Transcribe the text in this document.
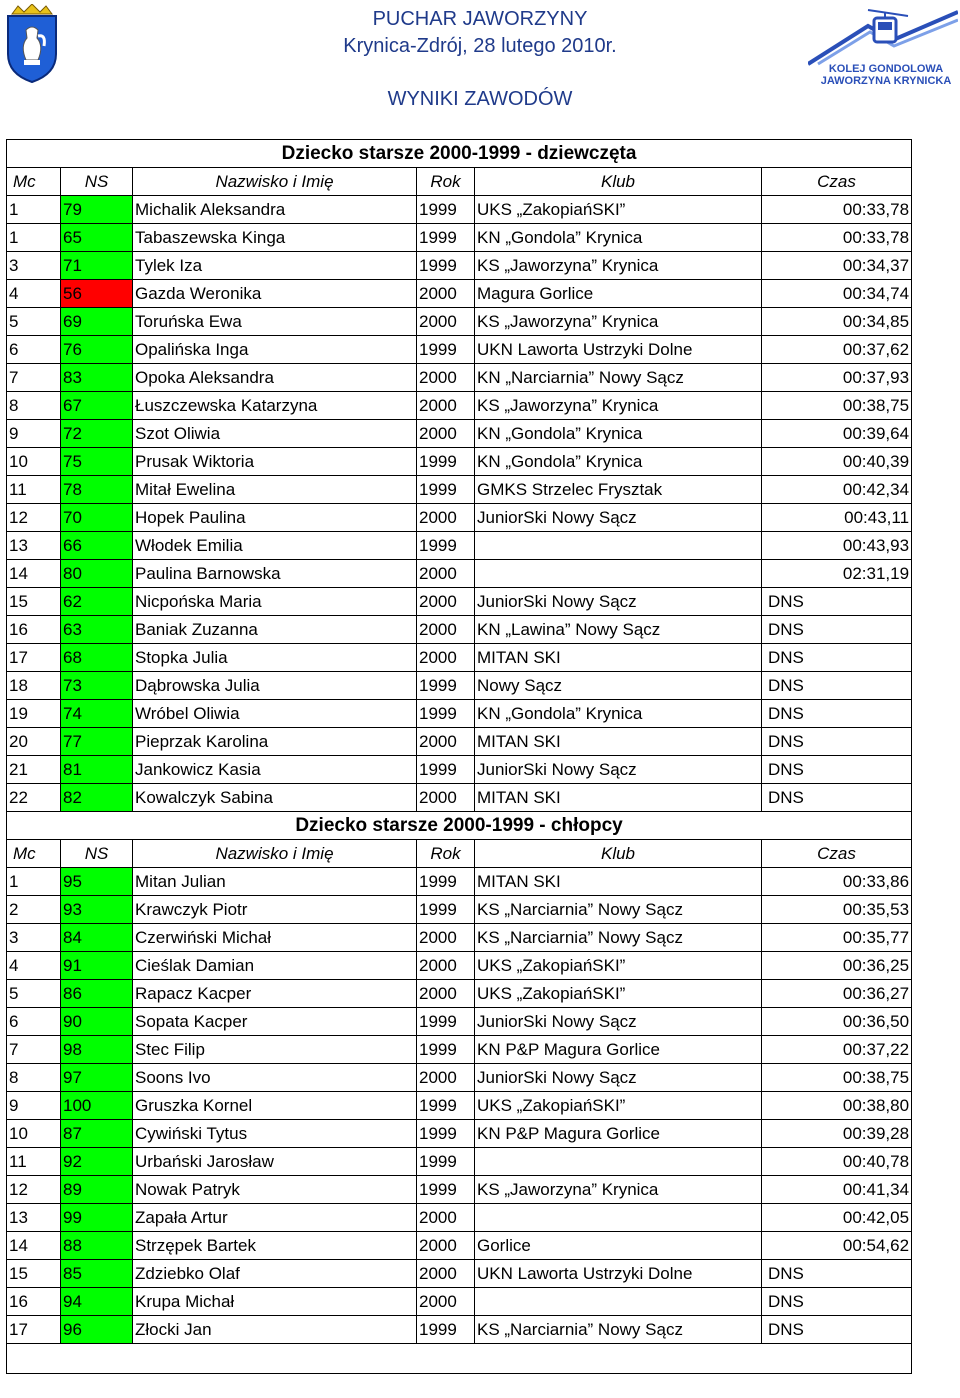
PUCHAR JAWORZYNY
Krynica-Zdrój, 28 lutego 2010r.
WYNIKI ZAWODÓW
KOLEJ GONDOLOWA
JAWORZYNA KRYNICKA
Dziecko starsze 2000-1999 - dziewczęta					
Mc	NS	Nazwisko i Imię	Rok	Klub	Czas
1	79	Michalik Aleksandra	1999	UKS „ZakopiańSKI”	00:33,78
1	65	Tabaszewska Kinga	1999	KN „Gondola” Krynica	00:33,78
3	71	Tylek Iza	1999	KS „Jaworzyna” Krynica	00:34,37
4	56	Gazda Weronika	2000	Magura Gorlice	00:34,74
5	69	Toruńska Ewa	2000	KS „Jaworzyna” Krynica	00:34,85
6	76	Opalińska Inga	1999	UKN Laworta Ustrzyki Dolne	00:37,62
7	83	Opoka Aleksandra	2000	KN „Narciarnia” Nowy Sącz	00:37,93
8	67	Łuszczewska Katarzyna	2000	KS „Jaworzyna” Krynica	00:38,75
9	72	Szot Oliwia	2000	KN „Gondola” Krynica	00:39,64
10	75	Prusak Wiktoria	1999	KN „Gondola” Krynica	00:40,39
11	78	Mitał Ewelina	1999	GMKS Strzelec Frysztak	00:42,34
12	70	Hopek Paulina	2000	JuniorSki Nowy Sącz	00:43,11
13	66	Włodek Emilia	1999		00:43,93
14	80	Paulina Barnowska	2000		02:31,19
15	62	Nicpońska Maria	2000	JuniorSki Nowy Sącz	DNS
16	63	Baniak Zuzanna	2000	KN „Lawina” Nowy Sącz	DNS
17	68	Stopka Julia	2000	MITAN SKI	DNS
18	73	Dąbrowska Julia	1999	Nowy Sącz	DNS
19	74	Wróbel Oliwia	1999	KN „Gondola” Krynica	DNS
20	77	Pieprzak Karolina	2000	MITAN SKI	DNS
21	81	Jankowicz Kasia	1999	JuniorSki Nowy Sącz	DNS
22	82	Kowalczyk Sabina	2000	MITAN SKI	DNS
Dziecko starsze 2000-1999 - chłopcy					
Mc	NS	Nazwisko i Imię	Rok	Klub	Czas
1	95	Mitan Julian	1999	MITAN SKI	00:33,86
2	93	Krawczyk Piotr	1999	KS „Narciarnia” Nowy Sącz	00:35,53
3	84	Czerwiński Michał	2000	KS „Narciarnia” Nowy Sącz	00:35,77
4	91	Cieślak Damian	2000	UKS „ZakopiańSKI”	00:36,25
5	86	Rapacz Kacper	2000	UKS „ZakopiańSKI”	00:36,27
6	90	Sopata Kacper	1999	JuniorSki Nowy Sącz	00:36,50
7	98	Stec Filip	1999	KN P&P Magura Gorlice	00:37,22
8	97	Soons Ivo	2000	JuniorSki Nowy Sącz	00:38,75
9	100	Gruszka Kornel	1999	UKS „ZakopiańSKI”	00:38,80
10	87	Cywiński Tytus	1999	KN P&P Magura Gorlice	00:39,28
11	92	Urbański Jarosław	1999		00:40,78
12	89	Nowak Patryk	1999	KS „Jaworzyna” Krynica	00:41,34
13	99	Zapała Artur	2000		00:42,05
14	88	Strzępek Bartek	2000	Gorlice	00:54,62
15	85	Zdziebko Olaf	2000	UKN Laworta Ustrzyki Dolne	DNS
16	94	Krupa Michał	2000		DNS
17	96	Złocki Jan	1999	KS „Narciarnia” Nowy Sącz	DNS
